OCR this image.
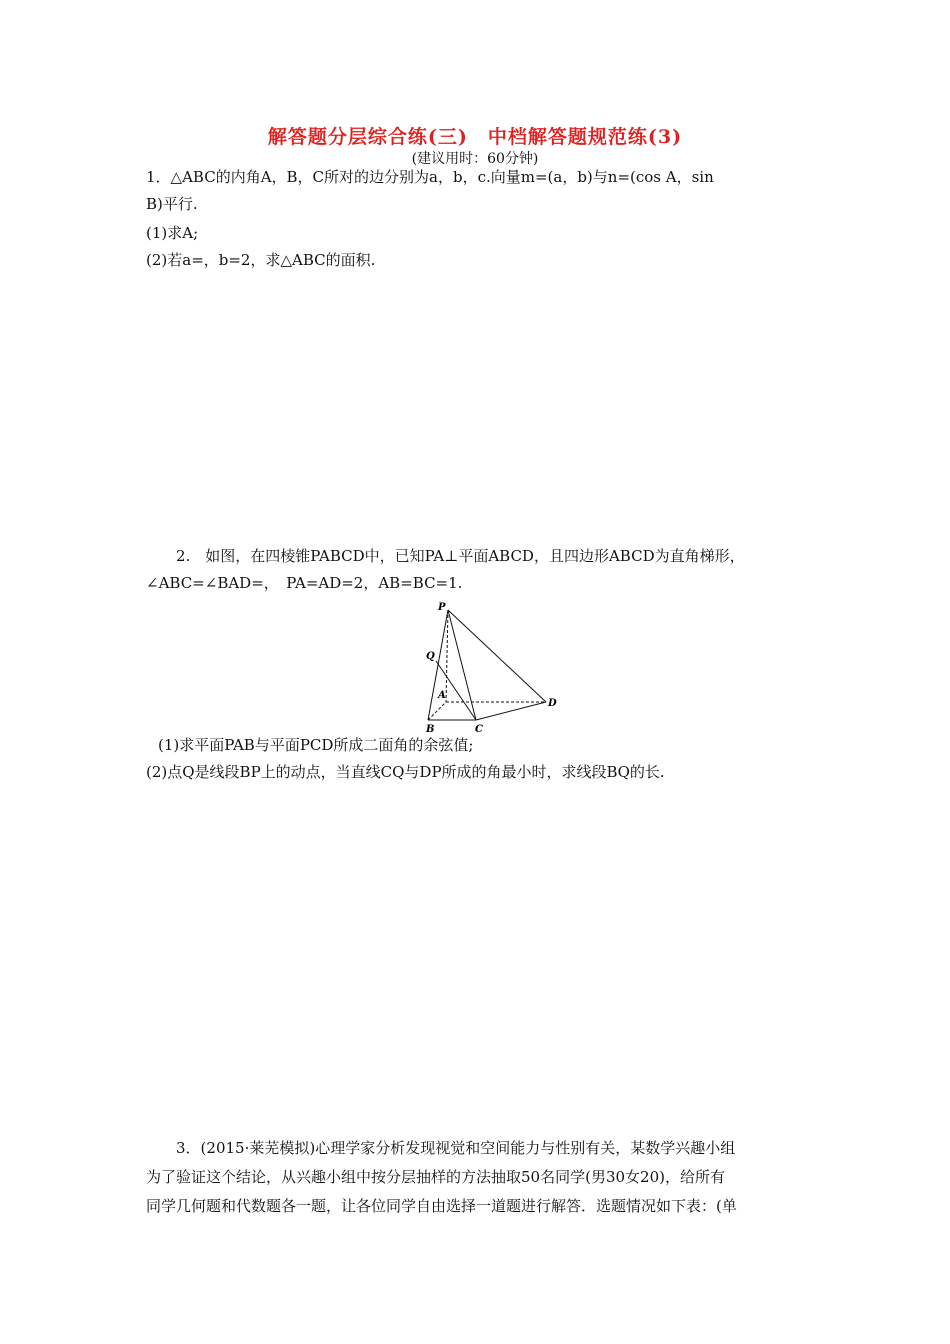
解答题分层综合练(三)　中档解答题规范练(3)
(建议用时：60分钟)
1．△ABC的内角A，B，C所对的边分别为a，b，c.向量m=(a，b)与n=(cos A，sin
B)平行.
(1)求A;
(2)若a=，b=2，求△ABC的面积.
2.　如图，在四棱锥PABCD中，已知PA⊥平面ABCD，且四边形ABCD为直角梯形，
∠ABC=∠BAD=，　PA=AD=2，AB=BC=1.
P
Q
A
B	C
D
(1)求平面PAB与平面PCD所成二面角的余弦值;
(2)点Q是线段BP上的动点，当直线CQ与DP所成的角最小时，求线段BQ的长.
3．(2015·莱芜模拟)心理学家分析发现视觉和空间能力与性别有关，某数学兴趣小组
为了验证这个结论，从兴趣小组中按分层抽样的方法抽取50名同学(男30女20)，给所有
同学几何题和代数题各一题，让各位同学自由选择一道题进行解答．选题情况如下表：(单
